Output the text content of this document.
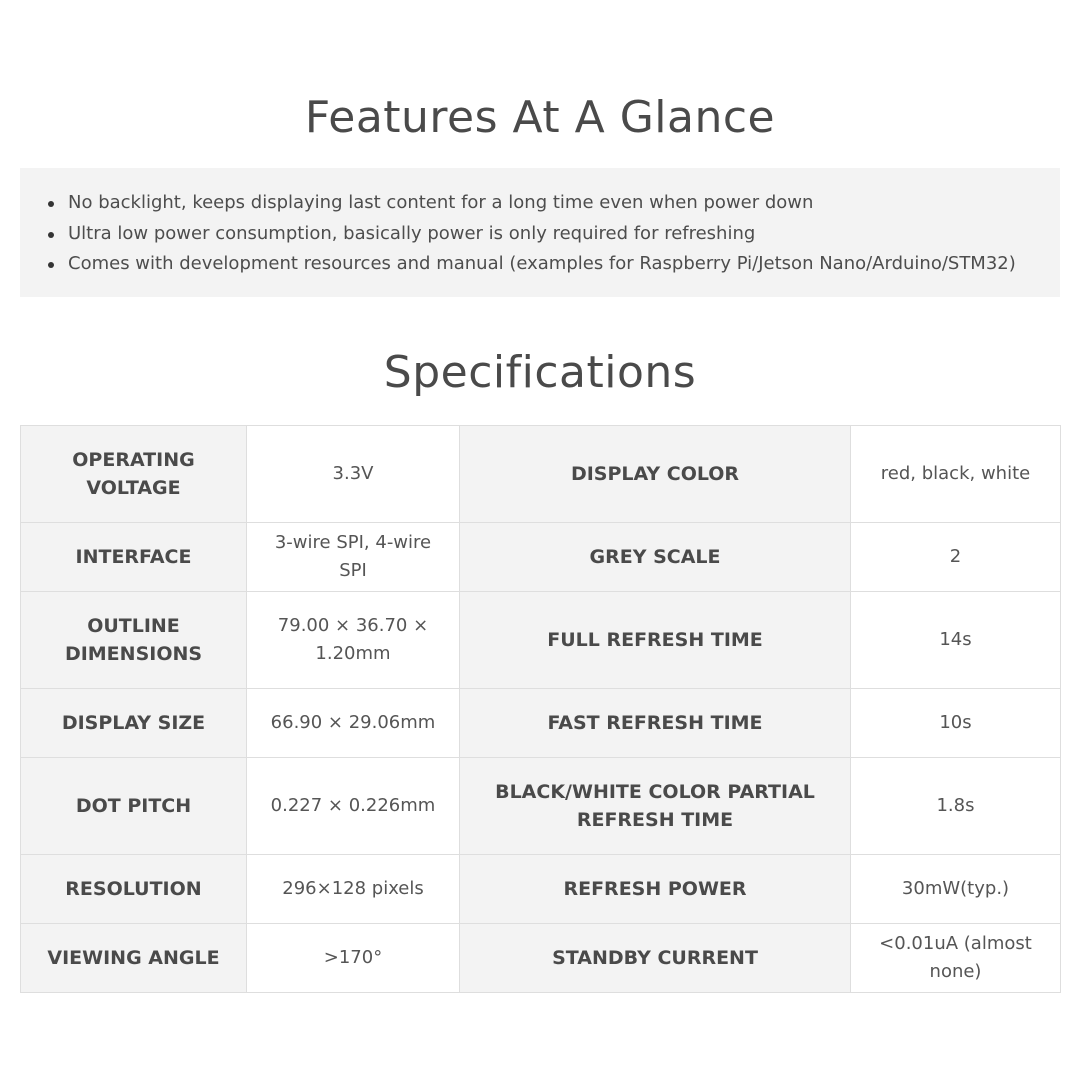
Features At A Glance
No backlight, keeps displaying last content for a long time even when power down
Ultra low power consumption, basically power is only required for refreshing
Comes with development resources and manual (examples for Raspberry Pi/Jetson Nano/Arduino/STM32)
Specifications
OPERATING VOLTAGE	3.3V	DISPLAY COLOR	red, black, white
INTERFACE	3-wire SPI, 4-wire SPI	GREY SCALE	2
OUTLINE DIMENSIONS	79.00 × 36.70 × 1.20mm	FULL REFRESH TIME	14s
DISPLAY SIZE	66.90 × 29.06mm	FAST REFRESH TIME	10s
DOT PITCH	0.227 × 0.226mm	BLACK/WHITE COLOR PARTIAL REFRESH TIME	1.8s
RESOLUTION	296×128 pixels	REFRESH POWER	30mW(typ.)
VIEWING ANGLE	>170°	STANDBY CURRENT	<0.01uA (almost none)
